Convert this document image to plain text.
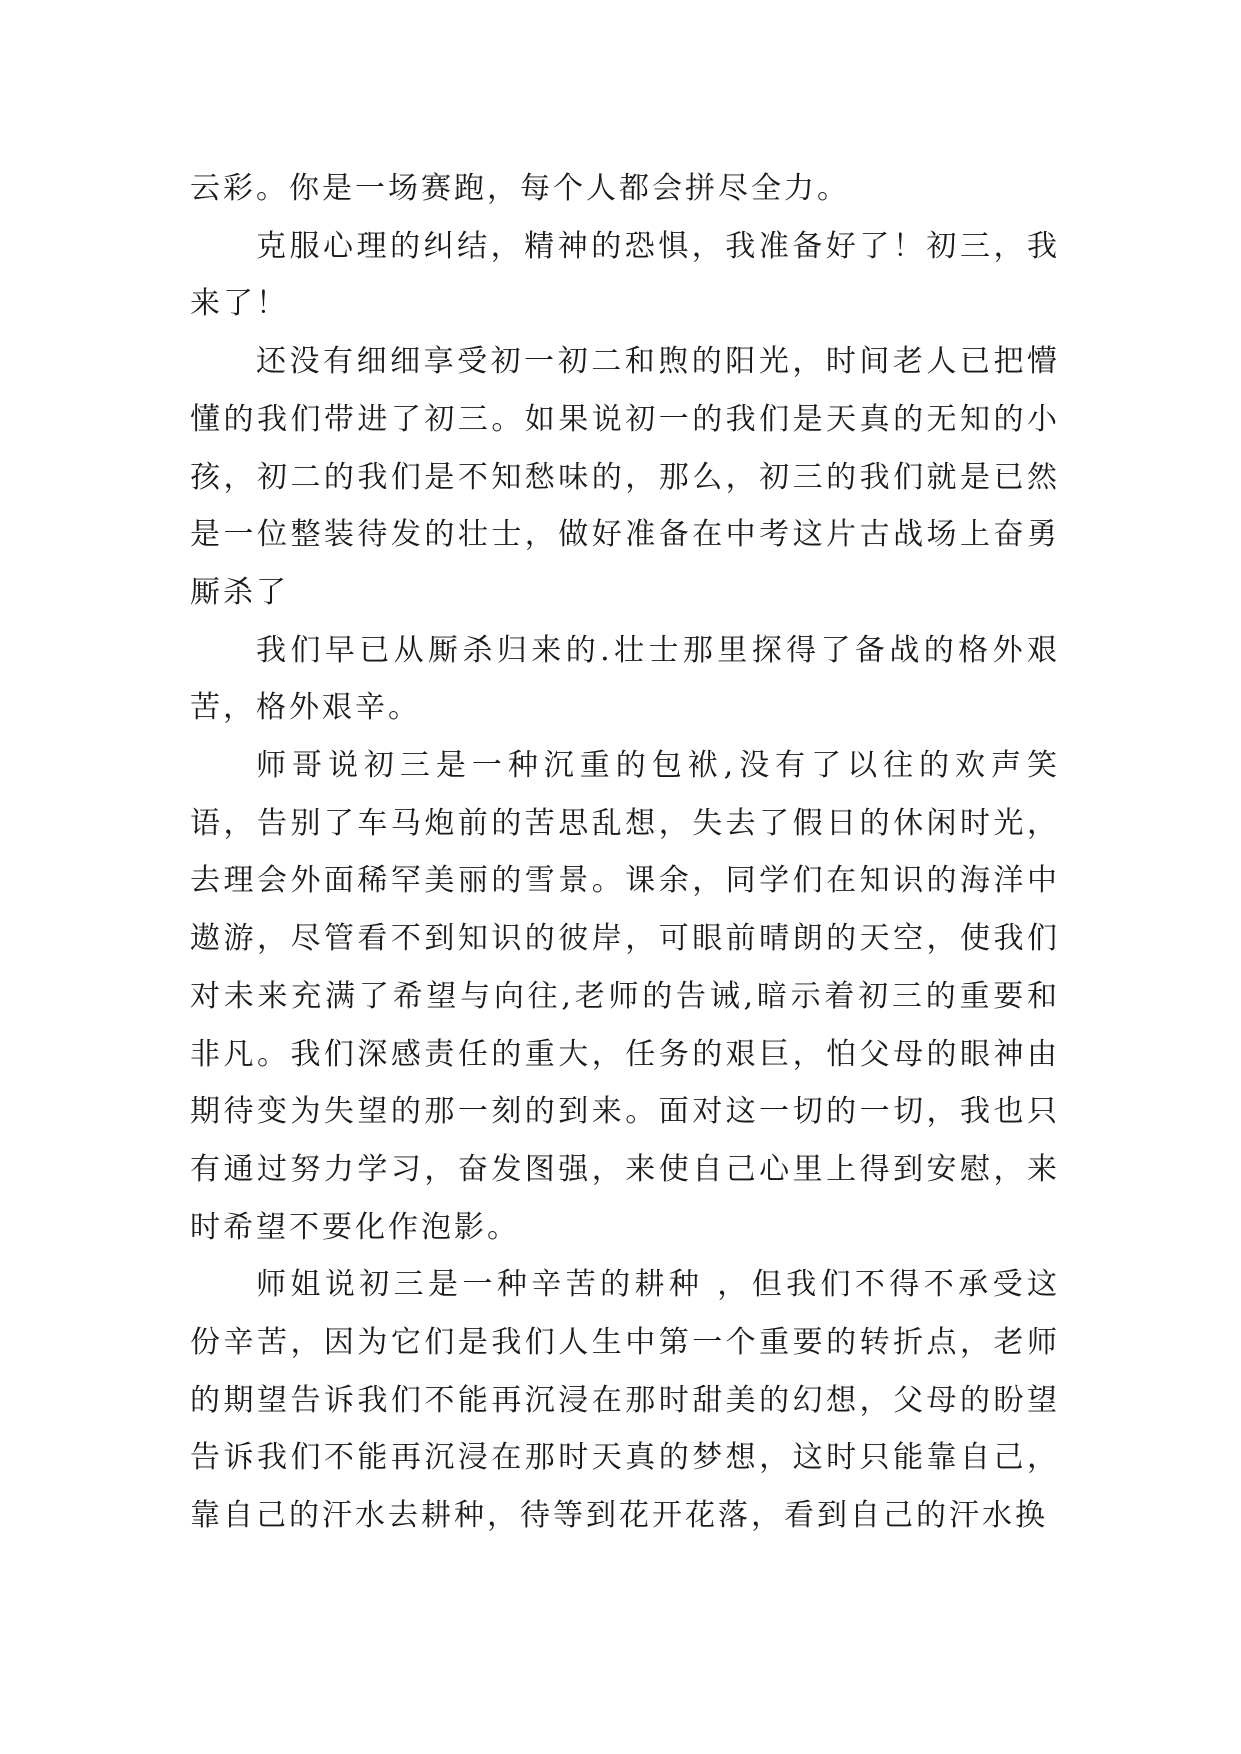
云彩。你是一场赛跑，每个人都会拼尽全力。

克服心理的纠结，精神的恐惧，我准备好了！初三，我来了！

还没有细细享受初一初二和煦的阳光，时间老人已把懵懂的我们带进了初三。如果说初一的我们是天真的无知的小孩，初二的我们是不知愁味的，那么，初三的我们就是已然是一位整装待发的壮士，做好准备在中考这片古战场上奋勇厮杀了

我们早已从厮杀归来的.壮士那里探得了备战的格外艰苦，格外艰辛。

师哥说初三是一种沉重的包袱,没有了以往的欢声笑语，告别了车马炮前的苦思乱想，失去了假日的休闲时光，去理会外面稀罕美丽的雪景。课余，同学们在知识的海洋中遨游，尽管看不到知识的彼岸，可眼前晴朗的天空，使我们对未来充满了希望与向往,老师的告诫,暗示着初三的重要和非凡。我们深感责任的重大，任务的艰巨，怕父母的眼神由期待变为失望的那一刻的到来。面对这一切的一切，我也只有通过努力学习，奋发图强，来使自己心里上得到安慰，来时希望不要化作泡影。

师姐说初三是一种辛苦的耕种 ，但我们不得不承受这份辛苦，因为它们是我们人生中第一个重要的转折点，老师的期望告诉我们不能再沉浸在那时甜美的幻想，父母的盼望告诉我们不能再沉浸在那时天真的梦想，这时只能靠自己，靠自己的汗水去耕种，待等到花开花落，看到自己的汗水换
